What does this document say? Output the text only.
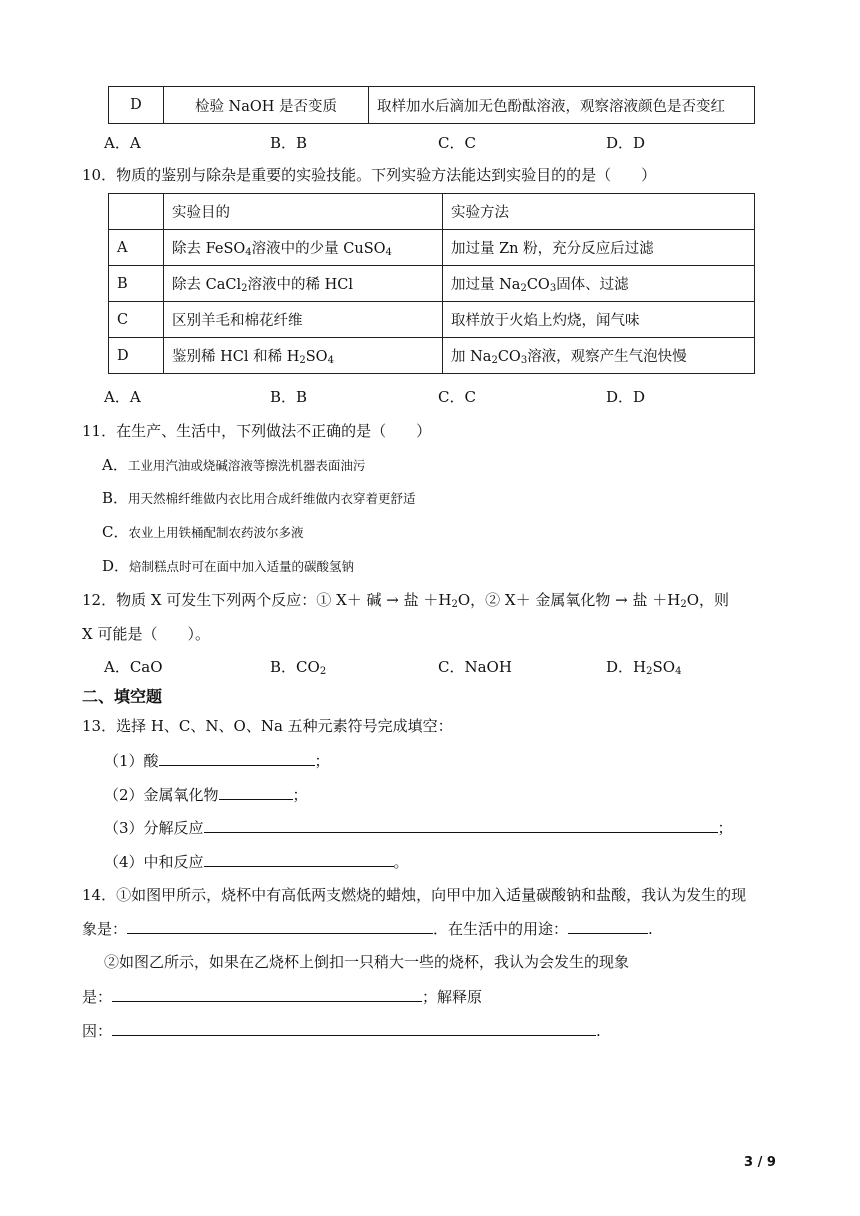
D	检验 NaOH 是否变质	取样加水后滴加无色酚酞溶液，观察溶液颜色是否变红
A．A	B．B	C．C	D．D
10．物质的鉴别与除杂是重要的实验技能。下列实验方法能达到实验目的的是（　　）
	实验目的	实验方法
A	除去 FeSO$_4$溶液中的少量 CuSO$_4$	加过量 Zn 粉，充分反应后过滤
B	除去 CaCl$_2$溶液中的稀 HCl	加过量 $Na_2CO_3$固体、过滤
C	区别羊毛和棉花纤维	取样放于火焰上灼烧，闻气味
D	鉴别稀 HCl 和稀 $H_2SO_4$	加 $Na_2CO_3$溶液，观察产生气泡快慢
A．A	B．B	C．C	D．D
11．在生产、生活中，下列做法不正确的是（　　）
A．工业用汽油或烧碱溶液等擦洗机器表面油污
B．用天然棉纤维做内衣比用合成纤维做内衣穿着更舒适
C．农业上用铁桶配制农药波尔多液
D．焙制糕点时可在面中加入适量的碳酸氢钠
12．物质 X 可发生下列两个反应：① X＋ 碱 → 盐 $+H_2O$，② X＋ 金属氧化物 → 盐 $+H_2O$，则
X 可能是（　　）。
A．CaO	B．$CO_2$	C．NaOH	D．$H_2SO_4$
二、填空题
13．选择 H、C、N、O、Na 五种元素符号完成填空：
（1）酸	；
（2）金属氧化物	；
（3）分解反应	；
（4）中和反应	。
14．①如图甲所示，烧杯中有高低两支燃烧的蜡烛，向甲中加入适量碳酸钠和盐酸，我认为发生的现
象是：	．在生活中的用途：	.
②如图乙所示，如果在乙烧杯上倒扣一只稍大一些的烧杯，我认为会发生的现象
是：	；解释原
因：	.
3 / 9
